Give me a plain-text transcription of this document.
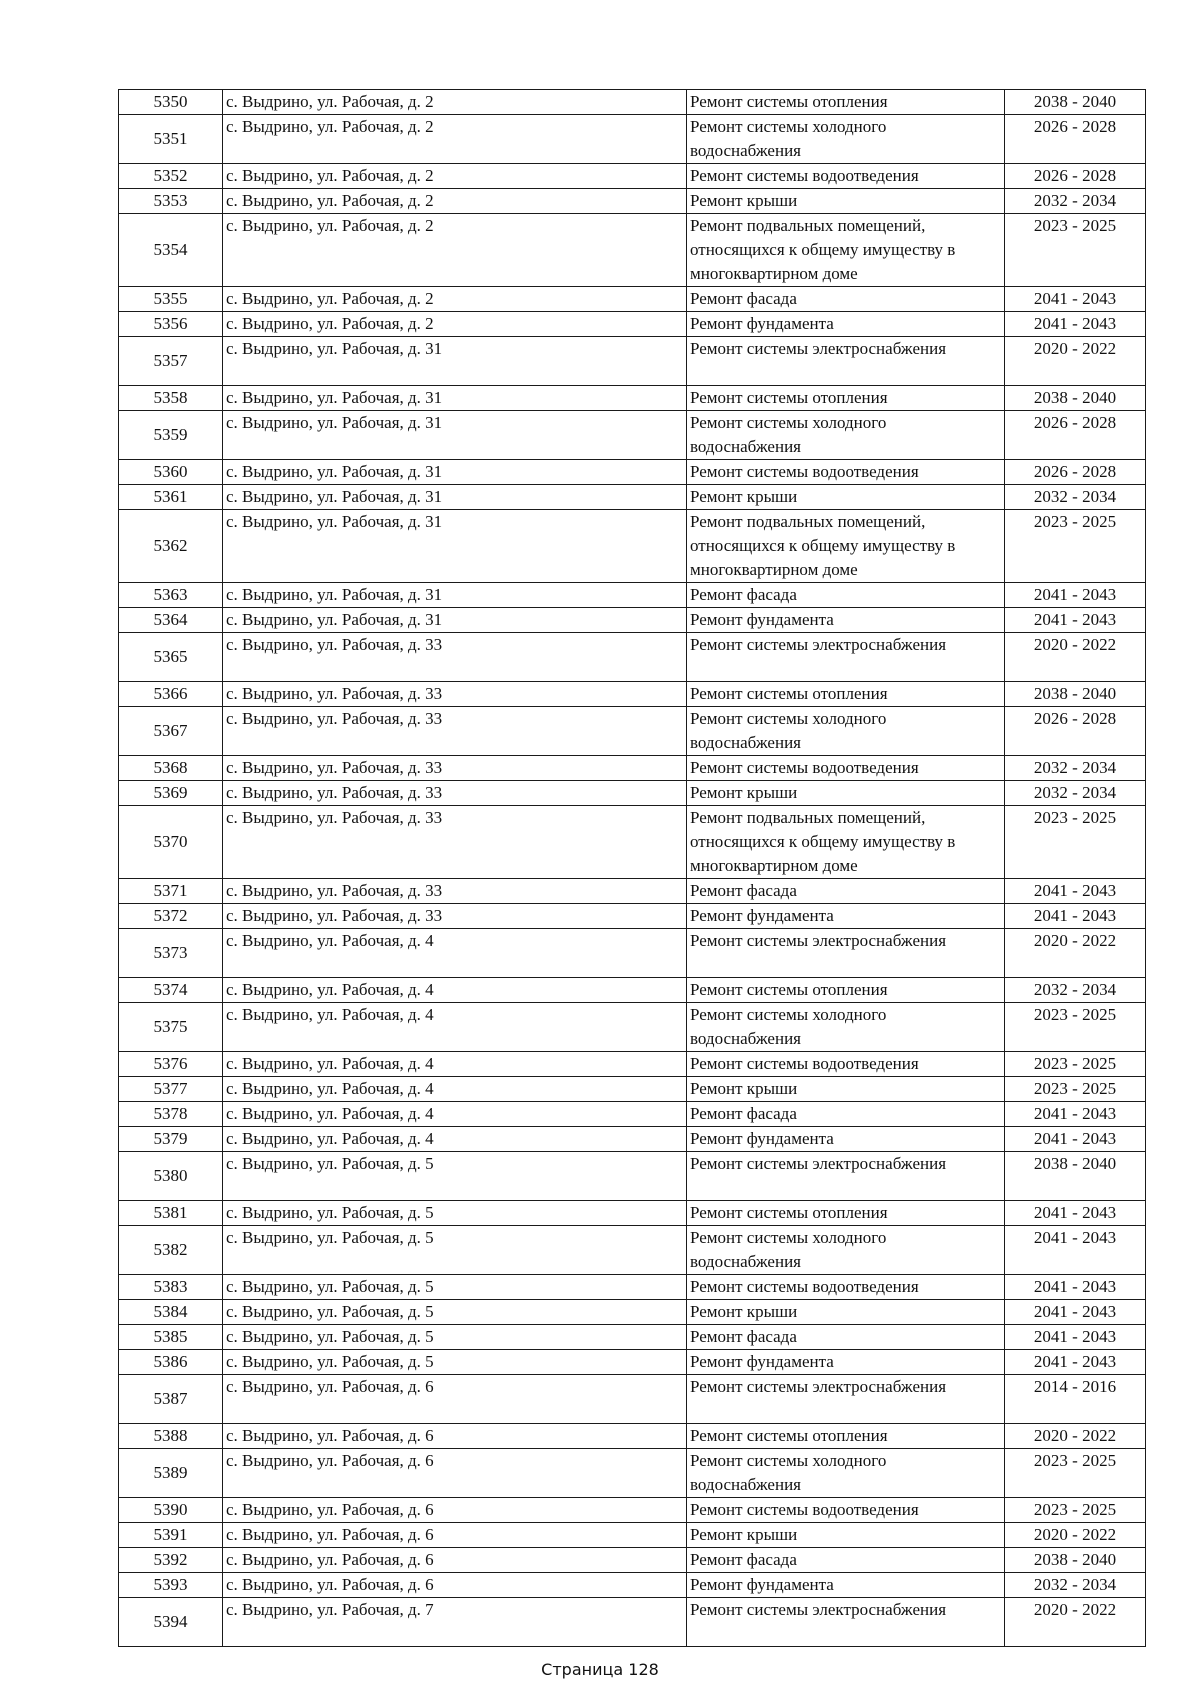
5350	с. Выдрино, ул. Рабочая, д. 2	Ремонт системы отопления	2038 - 2040
5351	с. Выдрино, ул. Рабочая, д. 2	Ремонт системы холодного водоснабжения	2026 - 2028
5352	с. Выдрино, ул. Рабочая, д. 2	Ремонт системы водоотведения	2026 - 2028
5353	с. Выдрино, ул. Рабочая, д. 2	Ремонт крыши	2032 - 2034
5354	с. Выдрино, ул. Рабочая, д. 2	Ремонт подвальных помещений, относящихся к общему имуществу в многоквартирном доме	2023 - 2025
5355	с. Выдрино, ул. Рабочая, д. 2	Ремонт фасада	2041 - 2043
5356	с. Выдрино, ул. Рабочая, д. 2	Ремонт фундамента	2041 - 2043
5357	с. Выдрино, ул. Рабочая, д. 31	Ремонт системы электроснабжения	2020 - 2022
5358	с. Выдрино, ул. Рабочая, д. 31	Ремонт системы отопления	2038 - 2040
5359	с. Выдрино, ул. Рабочая, д. 31	Ремонт системы холодного водоснабжения	2026 - 2028
5360	с. Выдрино, ул. Рабочая, д. 31	Ремонт системы водоотведения	2026 - 2028
5361	с. Выдрино, ул. Рабочая, д. 31	Ремонт крыши	2032 - 2034
5362	с. Выдрино, ул. Рабочая, д. 31	Ремонт подвальных помещений, относящихся к общему имуществу в многоквартирном доме	2023 - 2025
5363	с. Выдрино, ул. Рабочая, д. 31	Ремонт фасада	2041 - 2043
5364	с. Выдрино, ул. Рабочая, д. 31	Ремонт фундамента	2041 - 2043
5365	с. Выдрино, ул. Рабочая, д. 33	Ремонт системы электроснабжения	2020 - 2022
5366	с. Выдрино, ул. Рабочая, д. 33	Ремонт системы отопления	2038 - 2040
5367	с. Выдрино, ул. Рабочая, д. 33	Ремонт системы холодного водоснабжения	2026 - 2028
5368	с. Выдрино, ул. Рабочая, д. 33	Ремонт системы водоотведения	2032 - 2034
5369	с. Выдрино, ул. Рабочая, д. 33	Ремонт крыши	2032 - 2034
5370	с. Выдрино, ул. Рабочая, д. 33	Ремонт подвальных помещений, относящихся к общему имуществу в многоквартирном доме	2023 - 2025
5371	с. Выдрино, ул. Рабочая, д. 33	Ремонт фасада	2041 - 2043
5372	с. Выдрино, ул. Рабочая, д. 33	Ремонт фундамента	2041 - 2043
5373	с. Выдрино, ул. Рабочая, д. 4	Ремонт системы электроснабжения	2020 - 2022
5374	с. Выдрино, ул. Рабочая, д. 4	Ремонт системы отопления	2032 - 2034
5375	с. Выдрино, ул. Рабочая, д. 4	Ремонт системы холодного водоснабжения	2023 - 2025
5376	с. Выдрино, ул. Рабочая, д. 4	Ремонт системы водоотведения	2023 - 2025
5377	с. Выдрино, ул. Рабочая, д. 4	Ремонт крыши	2023 - 2025
5378	с. Выдрино, ул. Рабочая, д. 4	Ремонт фасада	2041 - 2043
5379	с. Выдрино, ул. Рабочая, д. 4	Ремонт фундамента	2041 - 2043
5380	с. Выдрино, ул. Рабочая, д. 5	Ремонт системы электроснабжения	2038 - 2040
5381	с. Выдрино, ул. Рабочая, д. 5	Ремонт системы отопления	2041 - 2043
5382	с. Выдрино, ул. Рабочая, д. 5	Ремонт системы холодного водоснабжения	2041 - 2043
5383	с. Выдрино, ул. Рабочая, д. 5	Ремонт системы водоотведения	2041 - 2043
5384	с. Выдрино, ул. Рабочая, д. 5	Ремонт крыши	2041 - 2043
5385	с. Выдрино, ул. Рабочая, д. 5	Ремонт фасада	2041 - 2043
5386	с. Выдрино, ул. Рабочая, д. 5	Ремонт фундамента	2041 - 2043
5387	с. Выдрино, ул. Рабочая, д. 6	Ремонт системы электроснабжения	2014 - 2016
5388	с. Выдрино, ул. Рабочая, д. 6	Ремонт системы отопления	2020 - 2022
5389	с. Выдрино, ул. Рабочая, д. 6	Ремонт системы холодного водоснабжения	2023 - 2025
5390	с. Выдрино, ул. Рабочая, д. 6	Ремонт системы водоотведения	2023 - 2025
5391	с. Выдрино, ул. Рабочая, д. 6	Ремонт крыши	2020 - 2022
5392	с. Выдрино, ул. Рабочая, д. 6	Ремонт фасада	2038 - 2040
5393	с. Выдрино, ул. Рабочая, д. 6	Ремонт фундамента	2032 - 2034
5394	с. Выдрино, ул. Рабочая, д. 7	Ремонт системы электроснабжения	2020 - 2022
Страница 128
